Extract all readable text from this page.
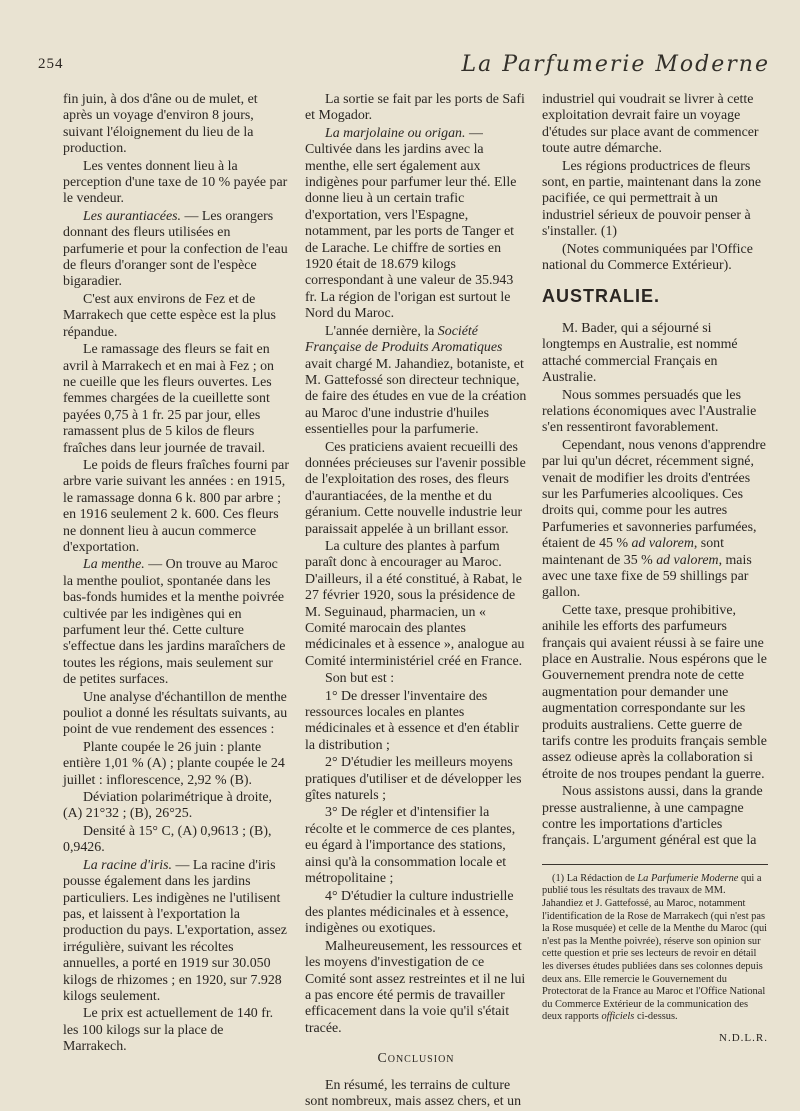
254	La Parfumerie Moderne

fin juin, à dos d'âne ou de mulet, et après un voyage d'environ 8 jours, suivant l'éloignement du lieu de la production.

Les ventes donnent lieu à la perception d'une taxe de 10 % payée par le vendeur.

Les aurantiacées. — Les orangers donnant des fleurs utilisées en parfumerie et pour la confection de l'eau de fleurs d'oranger sont de l'espèce bigaradier.

C'est aux environs de Fez et de Marrakech que cette espèce est la plus répandue.

Le ramassage des fleurs se fait en avril à Marrakech et en mai à Fez ; on ne cueille que les fleurs ouvertes. Les femmes chargées de la cueillette sont payées 0,75 à 1 fr. 25 par jour, elles ramassent plus de 5 kilos de fleurs fraîches dans leur journée de travail.

Le poids de fleurs fraîches fourni par arbre varie suivant les années : en 1915, le ramassage donna 6 k. 800 par arbre ; en 1916 seulement 2 k. 600. Ces fleurs ne donnent lieu à aucun commerce d'exportation.

La menthe. — On trouve au Maroc la menthe pouliot, spontanée dans les bas-fonds humides et la menthe poivrée cultivée par les indigènes qui en parfument leur thé. Cette culture s'effectue dans les jardins maraîchers de toutes les régions, mais seulement sur de petites surfaces.

Une analyse d'échantillon de menthe pouliot a donné les résultats suivants, au point de vue rendement des essences :

Plante coupée le 26 juin : plante entière 1,01 % (A) ; plante coupée le 24 juillet : inflorescence, 2,92 % (B).

Déviation polarimétrique à droite, (A) 21°32 ; (B), 26°25.

Densité à 15° C, (A) 0,9613 ; (B), 0,9426.

La racine d'iris. — La racine d'iris pousse également dans les jardins particuliers. Les indigènes ne l'utilisent pas, et laissent à l'exportation la production du pays. L'exportation, assez irrégulière, suivant les récoltes annuelles, a porté en 1919 sur 30.050 kilogs de rhizomes ; en 1920, sur 7.928 kilogs seulement.

Le prix est actuellement de 140 fr. les 100 kilogs sur la place de Marrakech.

La sortie se fait par les ports de Safi et Mogador.

La marjolaine ou origan. — Cultivée dans les jardins avec la menthe, elle sert également aux indigènes pour parfumer leur thé. Elle donne lieu à un certain trafic d'exportation, vers l'Espagne, notamment, par les ports de Tanger et de Larache. Le chiffre de sorties en 1920 était de 18.679 kilogs correspondant à une valeur de 35.943 fr. La région de l'origan est surtout le Nord du Maroc.

L'année dernière, la Société Française de Produits Aromatiques avait chargé M. Jahandiez, botaniste, et M. Gattefossé son directeur technique, de faire des études en vue de la création au Maroc d'une industrie d'huiles essentielles pour la parfumerie.

Ces praticiens avaient recueilli des données précieuses sur l'avenir possible de l'exploitation des roses, des fleurs d'aurantiacées, de la menthe et du géranium. Cette nouvelle industrie leur paraissait appelée à un brillant essor.

La culture des plantes à parfum paraît donc à encourager au Maroc. D'ailleurs, il a été constitué, à Rabat, le 27 février 1920, sous la présidence de M. Seguinaud, pharmacien, un « Comité marocain des plantes médicinales et à essence », analogue au Comité interministériel créé en France.

Son but est :

1° De dresser l'inventaire des ressources locales en plantes médicinales et à essence et d'en établir la distribution ;

2° D'étudier les meilleurs moyens pratiques d'utiliser et de développer les gîtes naturels ;

3° De régler et d'intensifier la récolte et le commerce de ces plantes, eu égard à l'importance des stations, ainsi qu'à la consommation locale et métropolitaine ;

4° D'étudier la culture industrielle des plantes médicinales et à essence, indigènes ou exotiques.

Malheureusement, les ressources et les moyens d'investigation de ce Comité sont assez restreintes et il ne lui a pas encore été permis de travailler efficacement dans la voie qu'il s'était tracée.

Conclusion

En résumé, les terrains de culture sont nombreux, mais assez chers, et un

industriel qui voudrait se livrer à cette exploitation devrait faire un voyage d'études sur place avant de commencer toute autre démarche.

Les régions productrices de fleurs sont, en partie, maintenant dans la zone pacifiée, ce qui permettrait à un industriel sérieux de pouvoir penser à s'installer. (1)

(Notes communiquées par l'Office national du Commerce Extérieur).

AUSTRALIE.

M. Bader, qui a séjourné si longtemps en Australie, est nommé attaché commercial Français en Australie.

Nous sommes persuadés que les relations économiques avec l'Australie s'en ressentiront favorablement.

Cependant, nous venons d'apprendre par lui qu'un décret, récemment signé, venait de modifier les droits d'entrées sur les Parfumeries alcooliques. Ces droits qui, comme pour les autres Parfumeries et savonneries parfumées, étaient de 45 % ad valorem, sont maintenant de 35 % ad valorem, mais avec une taxe fixe de 59 shillings par gallon.

Cette taxe, presque prohibitive, anihile les efforts des parfumeurs français qui avaient réussi à se faire une place en Australie. Nous espérons que le Gouvernement prendra note de cette augmentation pour demander une augmentation correspondante sur les produits australiens. Cette guerre de tarifs contre les produits français semble assez odieuse après la collaboration si étroite de nos troupes pendant la guerre.

Nous assistons aussi, dans la grande presse australienne, à une campagne contre les importations d'articles français. L'argument général est que la

(1) La Rédaction de La Parfumerie Moderne qui a publié tous les résultats des travaux de MM. Jahandiez et J. Gattefossé, au Maroc, notamment l'identification de la Rose de Marrakech (qui n'est pas la Rose musquée) et celle de la Menthe du Maroc (qui n'est pas la Menthe poivrée), réserve son opinion sur cette question et prie ses lecteurs de revoir en détail les diverses études publiées dans ses colonnes depuis deux ans. Elle remercie le Gouvernement du Protectorat de la France au Maroc et l'Office National du Commerce Extérieur de la communication des deux rapports officiels ci-dessus.

N.D.L.R.
